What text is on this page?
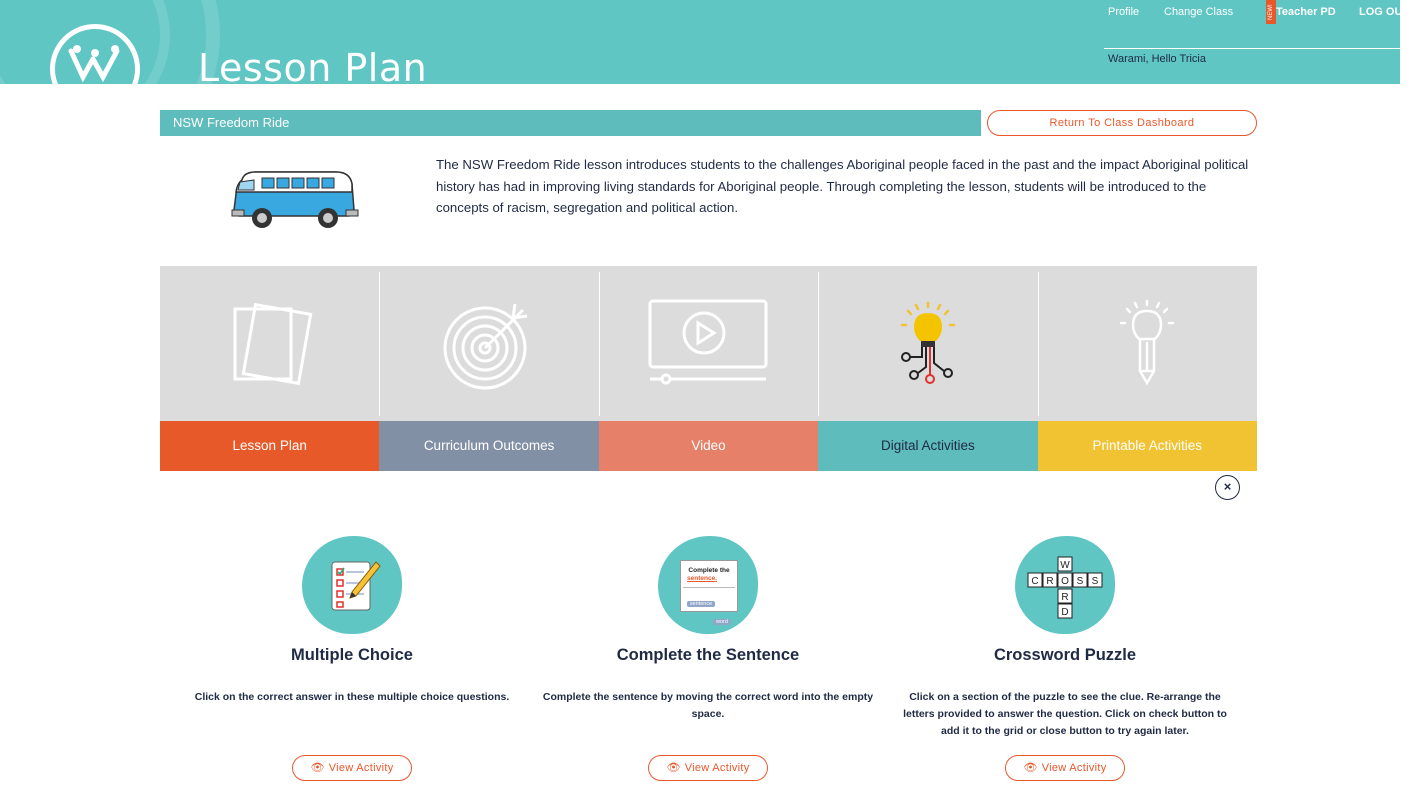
Lesson Plan
Profile Change Class	NEW! Teacher PD LOG OUT
Warami, Hello Tricia
NSW Freedom Ride	Return To Class Dashboard

The NSW Freedom Ride lesson introduces students to the challenges Aboriginal people faced in the past and the impact Aboriginal political history has had in improving living standards for Aboriginal people. Through completing the lesson, students will be introduced to the concepts of racism, segregation and political action.

Lesson Plan	Curriculum Outcomes	Video	Digital Activities	Printable Activities
×
Multiple Choice
Click on the correct answer in these multiple choice questions.
👁 View Activity
Complete the
sentence.
sentence
word
Complete the Sentence
Complete the sentence by moving the correct word into the empty space.
👁 View Activity
W
C R O S S
R
D
Crossword Puzzle
Click on a section of the puzzle to see the clue. Re-arrange the letters provided to answer the question. Click on check button to add it to the grid or close button to try again later.
👁 View Activity
